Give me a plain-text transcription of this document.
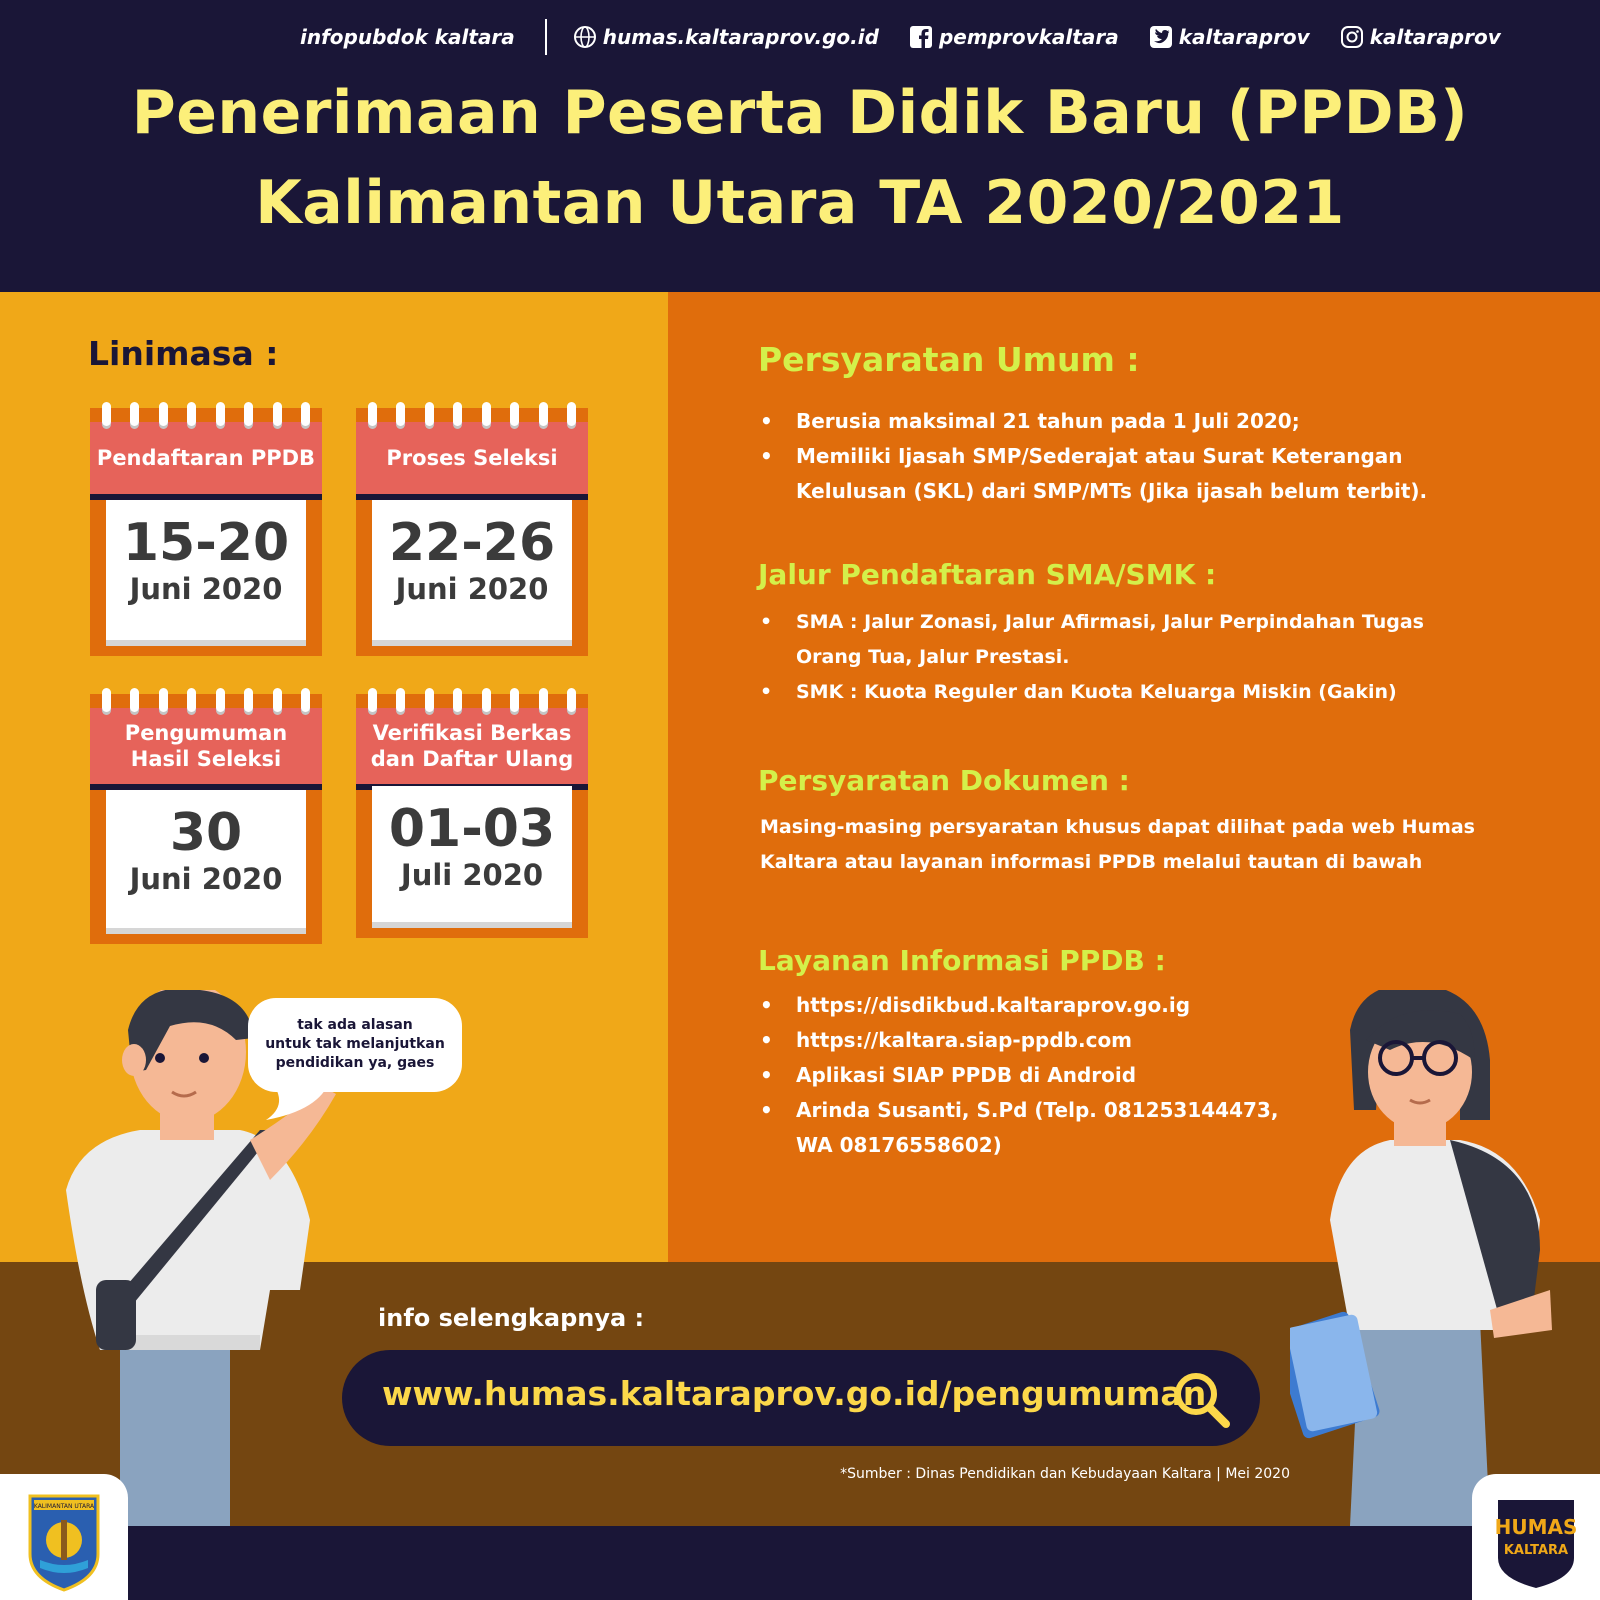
Penerimaan Peserta Didik Baru (PPDB)
Kalimantan Utara TA 2020/2021
Linimasa :
Pendaftaran PPDB
15-20
Juni 2020
Proses Seleksi
22-26
Juni 2020
Pengumuman
Hasil Seleksi
30
Juni 2020
Verifikasi Berkas
dan Daftar Ulang
01-03
Juli 2020
Persyaratan Umum :
• Berusia maksimal 21 tahun pada 1 Juli 2020;
• Memiliki Ijasah SMP/Sederajat atau Surat Keterangan
Kelulusan (SKL) dari SMP/MTs (Jika ijasah belum terbit).
Jalur Pendaftaran SMA/SMK :
• SMA : Jalur Zonasi, Jalur Afirmasi, Jalur Perpindahan Tugas
Orang Tua, Jalur Prestasi.
• SMK : Kuota Reguler dan Kuota Keluarga Miskin (Gakin)
Persyaratan Dokumen :
Masing-masing persyaratan khusus dapat dilihat pada web Humas
Kaltara atau layanan informasi PPDB melalui tautan di bawah
Layanan Informasi PPDB :
• https://disdikbud.kaltaraprov.go.ig
• https://kaltara.siap-ppdb.com
• Aplikasi SIAP PPDB di Android
• Arinda Susanti, S.Pd (Telp. 081253144473,
WA 08176558602)
tak ada alasan
untuk tak melanjutkan
pendidikan ya, gaes
info selengkapnya :
www.humas.kaltaraprov.go.id/pengumuman
*Sumber : Dinas Pendidikan dan Kebudayaan Kaltara | Mei 2020
infopubdok kaltara	humas.kaltaraprov.go.id	pemprovkaltara	kaltaraprov	kaltaraprov
KALIMANTAN UTARA
HUMAS
KALTARA
